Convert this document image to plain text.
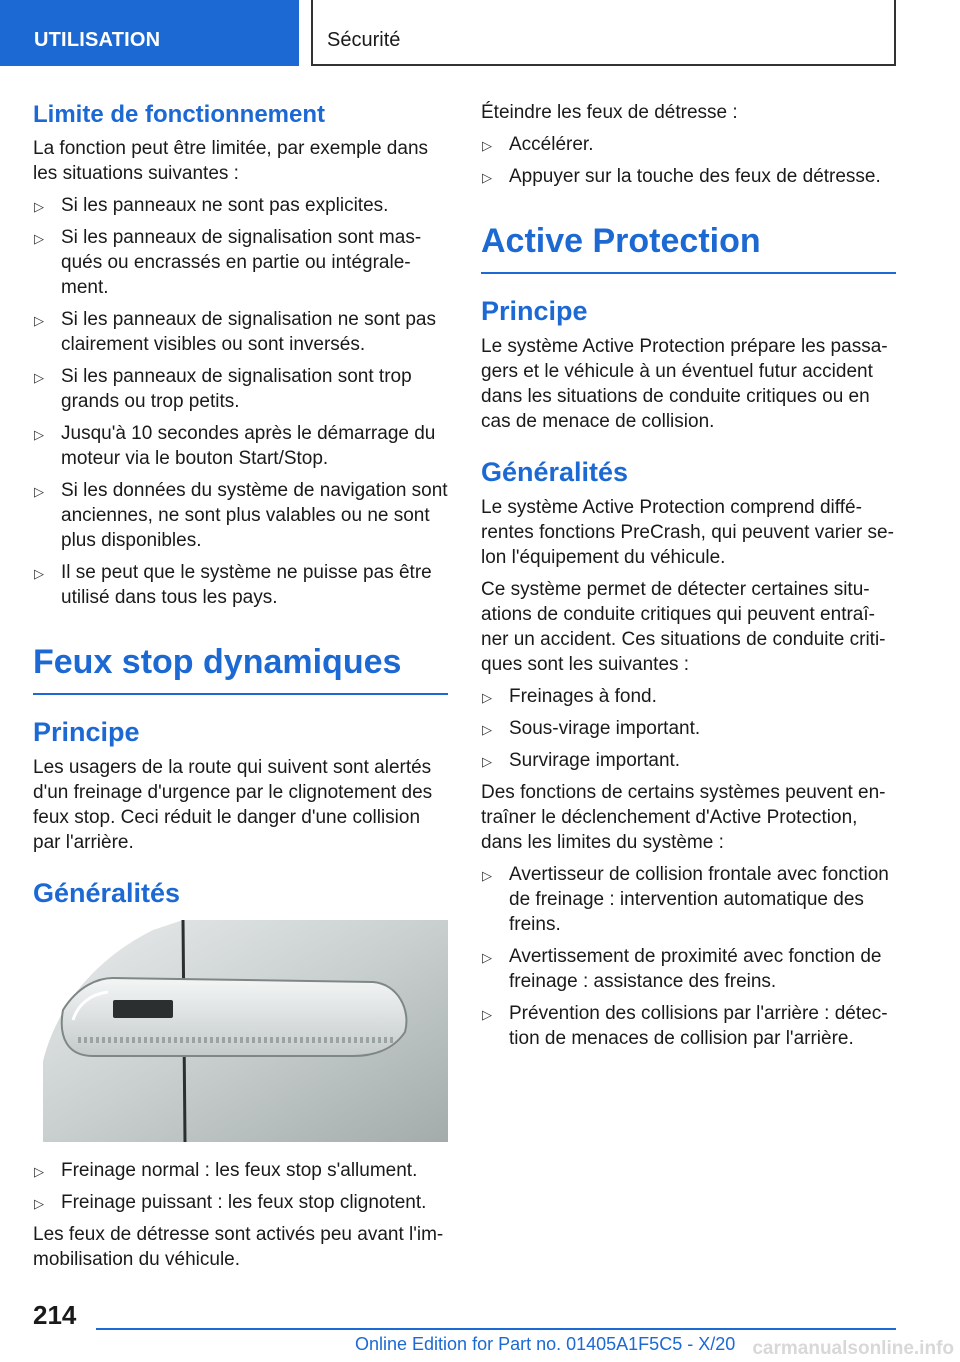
UTILISATION	Sécurité
Limite de fonctionnement

La fonction peut être limitée, par exemple dans les situations suivantes :

▷ Si les panneaux ne sont pas explicites.
▷ Si les panneaux de signalisation sont mas-qués ou encrassés en partie ou intégrale-ment.
▷ Si les panneaux de signalisation ne sont pas clairement visibles ou sont inversés.
▷ Si les panneaux de signalisation sont trop grands ou trop petits.
▷ Jusqu'à 10 secondes après le démarrage du moteur via le bouton Start/Stop.
▷ Si les données du système de navigation sont anciennes, ne sont plus valables ou ne sont plus disponibles.
▷ Il se peut que le système ne puisse pas être utilisé dans tous les pays.
Feux stop dynamiques
Principe

Les usagers de la route qui suivent sont alertés d'un freinage d'urgence par le clignotement des feux stop. Ceci réduit le danger d'une collision par l'arrière.

Généralités
▷ Freinage normal : les feux stop s'allument.
▷ Freinage puissant : les feux stop clignotent.

Les feux de détresse sont activés peu avant l'im-mobilisation du véhicule.

Éteindre les feux de détresse :

▷ Accélérer.
▷ Appuyer sur la touche des feux de détresse.
Active Protection
Principe

Le système Active Protection prépare les passa-gers et le véhicule à un éventuel futur accident dans les situations de conduite critiques ou en cas de menace de collision.

Généralités

Le système Active Protection comprend diffé-rentes fonctions PreCrash, qui peuvent varier se-lon l'équipement du véhicule.

Ce système permet de détecter certaines situ-ations de conduite critiques qui peuvent entraî-ner un accident. Ces situations de conduite criti-ques sont les suivantes :

▷ Freinages à fond.
▷ Sous-virage important.
▷ Survirage important.

Des fonctions de certains systèmes peuvent en-traîner le déclenchement d'Active Protection, dans les limites du système :

▷ Avertisseur de collision frontale avec fonction de freinage : intervention automatique des freins.
▷ Avertissement de proximité avec fonction de freinage : assistance des freins.
▷ Prévention des collisions par l'arrière : détec-tion de menaces de collision par l'arrière.
214
Online Edition for Part no. 01405A1F5C5 - X/20 carmanualsonline.info
